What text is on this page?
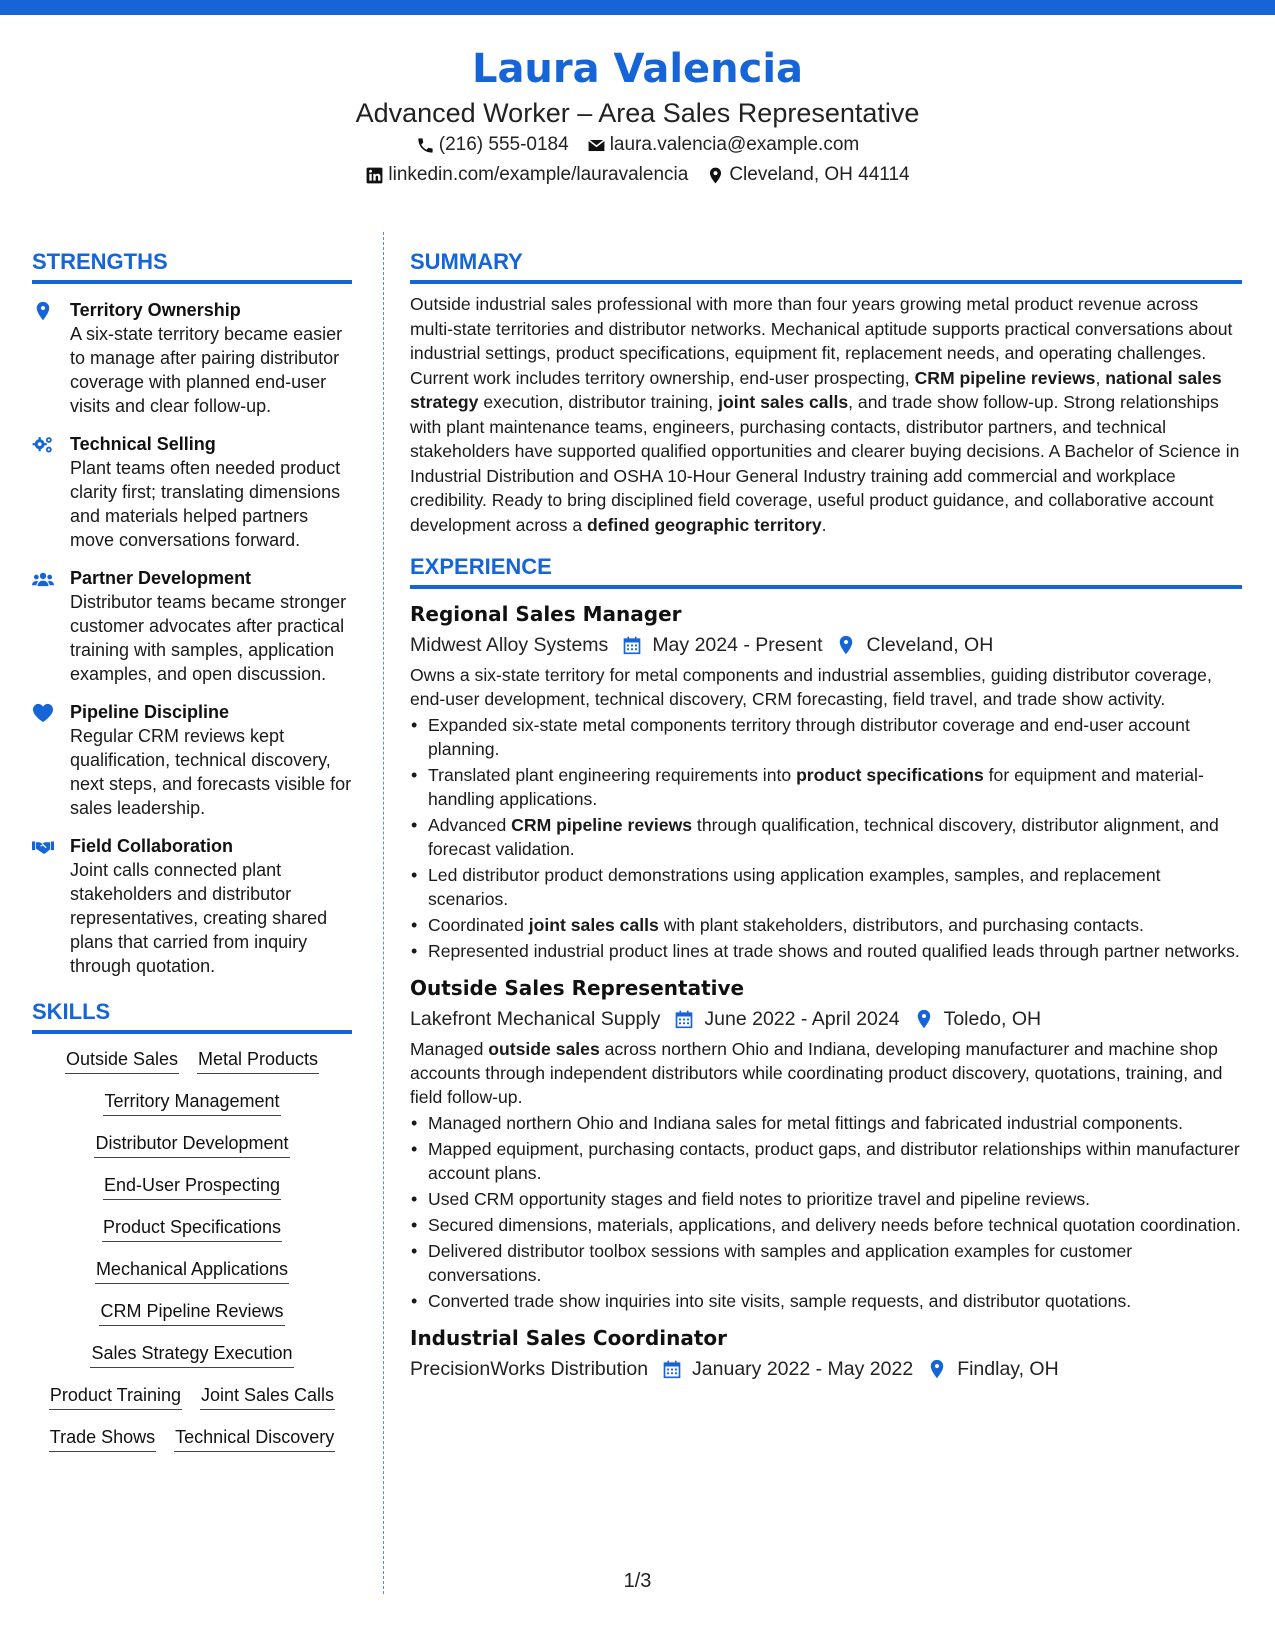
Laura Valencia
Advanced Worker – Area Sales Representative
(216) 555-0184 laura.valencia@example.com
linkedin.com/example/lauravalencia Cleveland, OH 44114
STRENGTHS
Territory Ownership
A six-state territory became easier to manage after pairing distributor coverage with planned end-user visits and clear follow-up.
Technical Selling
Plant teams often needed product clarity first; translating dimensions and materials helped partners move conversations forward.
Partner Development
Distributor teams became stronger customer advocates after practical training with samples, application examples, and open discussion.
Pipeline Discipline
Regular CRM reviews kept qualification, technical discovery, next steps, and forecasts visible for sales leadership.
Field Collaboration
Joint calls connected plant stakeholders and distributor representatives, creating shared plans that carried from inquiry through quotation.
SKILLS
Outside Sales Metal Products
Territory Management
Distributor Development
End-User Prospecting
Product Specifications
Mechanical Applications
CRM Pipeline Reviews
Sales Strategy Execution
Product Training Joint Sales Calls
Trade Shows Technical Discovery
SUMMARY

Outside industrial sales professional with more than four years growing metal product revenue across multi-state territories and distributor networks. Mechanical aptitude supports practical conversations about industrial settings, product specifications, equipment fit, replacement needs, and operating challenges. Current work includes territory ownership, end-user prospecting, CRM pipeline reviews, national sales strategy execution, distributor training, joint sales calls, and trade show follow-up. Strong relationships with plant maintenance teams, engineers, purchasing contacts, distributor partners, and technical stakeholders have supported qualified opportunities and clearer buying decisions. A Bachelor of Science in Industrial Distribution and OSHA 10-Hour General Industry training add commercial and workplace credibility. Ready to bring disciplined field coverage, useful product guidance, and collaborative account development across a defined geographic territory.

EXPERIENCE
Regional Sales Manager
Midwest Alloy Systems May 2024 - Present Cleveland, OH

Owns a six-state territory for metal components and industrial assemblies, guiding distributor coverage, end-user development, technical discovery, CRM forecasting, field travel, and trade show activity.

• Expanded six-state metal components territory through distributor coverage and end-user account planning.
• Translated plant engineering requirements into product specifications for equipment and material-handling applications.
• Advanced CRM pipeline reviews through qualification, technical discovery, distributor alignment, and forecast validation.
• Led distributor product demonstrations using application examples, samples, and replacement scenarios.
• Coordinated joint sales calls with plant stakeholders, distributors, and purchasing contacts.
• Represented industrial product lines at trade shows and routed qualified leads through partner networks.
Outside Sales Representative
Lakefront Mechanical Supply June 2022 - April 2024 Toledo, OH

Managed outside sales across northern Ohio and Indiana, developing manufacturer and machine shop accounts through independent distributors while coordinating product discovery, quotations, training, and field follow-up.

• Managed northern Ohio and Indiana sales for metal fittings and fabricated industrial components.
• Mapped equipment, purchasing contacts, product gaps, and distributor relationships within manufacturer account plans.
• Used CRM opportunity stages and field notes to prioritize travel and pipeline reviews.
• Secured dimensions, materials, applications, and delivery needs before technical quotation coordination.
• Delivered distributor toolbox sessions with samples and application examples for customer conversations.
• Converted trade show inquiries into site visits, sample requests, and distributor quotations.
Industrial Sales Coordinator
PrecisionWorks Distribution January 2022 - May 2022 Findlay, OH
1/3
